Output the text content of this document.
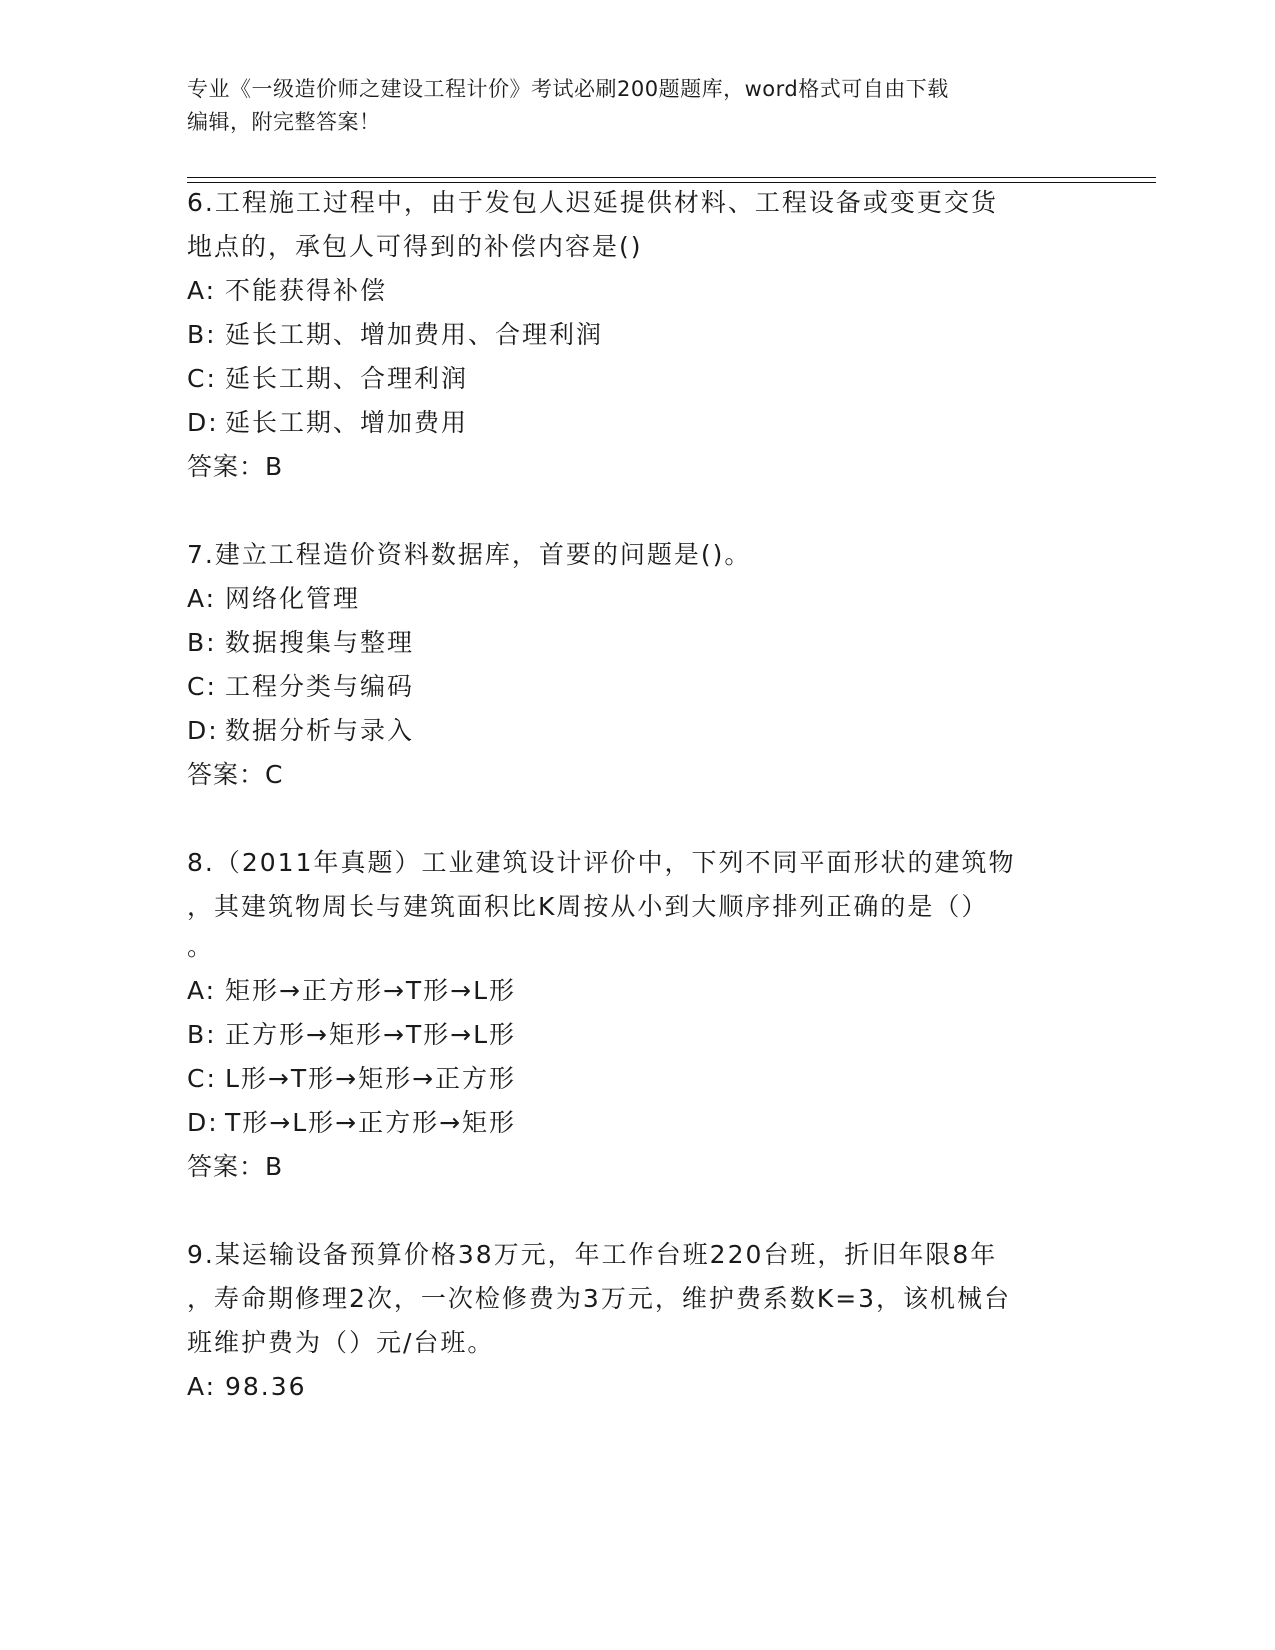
专业《一级造价师之建设工程计价》考试必刷200题题库，word格式可自由下载
编辑，附完整答案！
6.工程施工过程中，由于发包人迟延提供材料、工程设备或变更交货
地点的，承包人可得到的补偿内容是()
A: 不能获得补偿
B: 延长工期、增加费用、合理利润
C: 延长工期、合理利润
D: 延长工期、增加费用
答案：B
7.建立工程造价资料数据库，首要的问题是()。
A: 网络化管理
B: 数据搜集与整理
C: 工程分类与编码
D: 数据分析与录入
答案：C
8.（2011年真题）工业建筑设计评价中，下列不同平面形状的建筑物
，其建筑物周长与建筑面积比K周按从小到大顺序排列正确的是（）
。
A: 矩形→正方形→T形→L形
B: 正方形→矩形→T形→L形
C: L形→T形→矩形→正方形
D: T形→L形→正方形→矩形
答案：B
9.某运输设备预算价格38万元，年工作台班220台班，折旧年限8年
，寿命期修理2次，一次检修费为3万元，维护费系数K=3，该机械台
班维护费为（）元/台班。
A: 98.36
